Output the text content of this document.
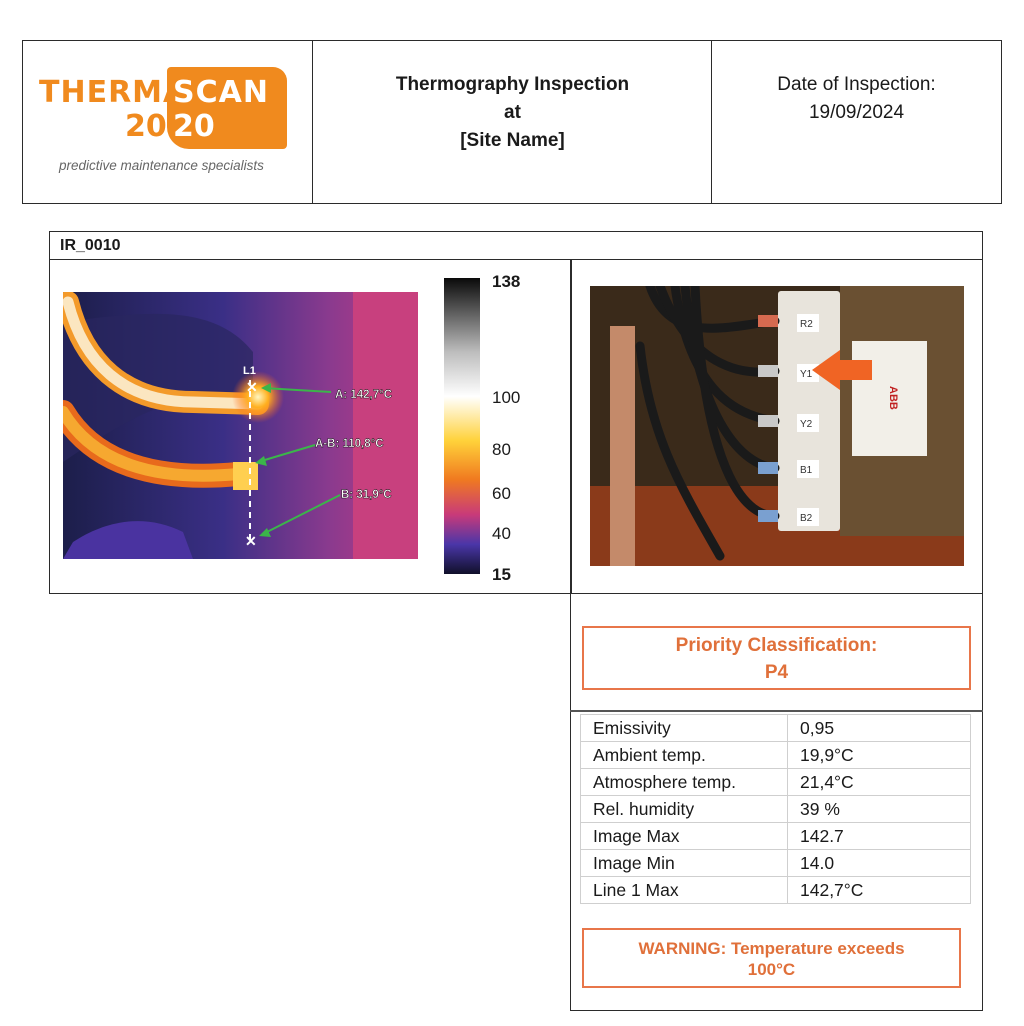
THERMA
SCAN
20 20
predictive maintenance specialists
Thermography Inspection
at
[Site Name]
Date of Inspection:
19/09/2024
IR_0010
L1
✕
✕
A: 142,7°C
A-B: 110,8°C
B: 31,9°C
138
100
80
60
40
15
ABB
R2
Y1
Y2
B1
B2
Priority Classification:
P4
Emissivity	0,95
Ambient temp.	19,9°C
Atmosphere temp.	21,4°C
Rel. humidity	39 %
Image Max	142.7
Image Min	14.0
Line 1 Max	142,7°C
WARNING: Temperature exceeds
100°C
